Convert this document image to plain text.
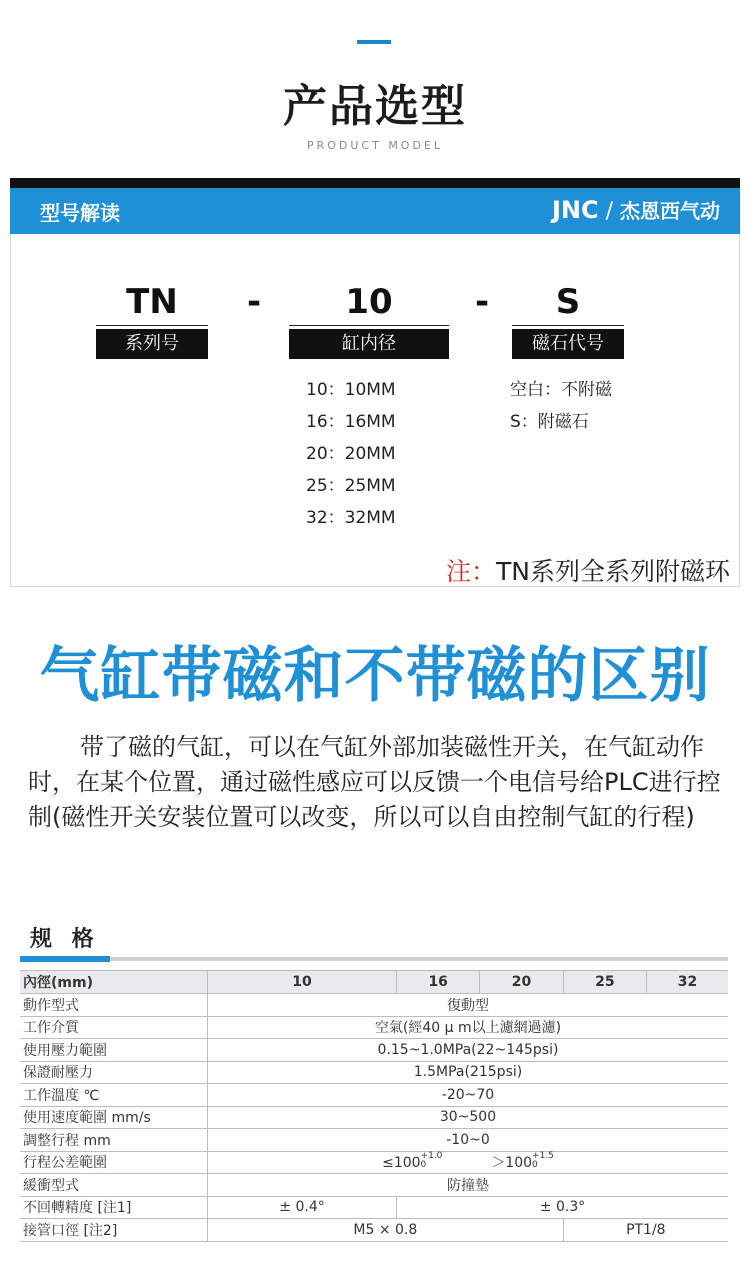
产品选型
PRODUCT MODEL
型号解读	JNC / 杰恩西气动
TN
系列号
-	10
缸内径
-	S
磁石代号
10：10MM
16：16MM
20：20MM
25：25MM
32：32MM
空白：不附磁
S：附磁石
注：TN系列全系列附磁环
气缸带磁和不带磁的区别
带了磁的气缸，可以在气缸外部加装磁性开关，在气缸动作时，在某个位置，通过磁性感应可以反馈一个电信号给PLC进行控制(磁性开关安装位置可以改变，所以可以自由控制气缸的行程)
规 格
內徑(mm)	10	16	20	25	32
動作型式	復動型				
工作介質	空氣(經40 μ m以上濾網過濾)				
使用壓力範圍	0.15~1.0MPa(22~145psi)				
保證耐壓力	1.5MPa(215psi)				
工作溫度 ℃	-20~70				
使用速度範圍 mm/s	30~500				
調整行程 mm	-10~0				
行程公差範圍	$\le 100^{+1.0 0} >100^{+1.5 0}$
緩衝型式	防撞墊				
不回轉精度 [注1]	± 0.4°	± 0.3°			
接管口徑 [注2]	M5 × 0.8			PT1/8	
